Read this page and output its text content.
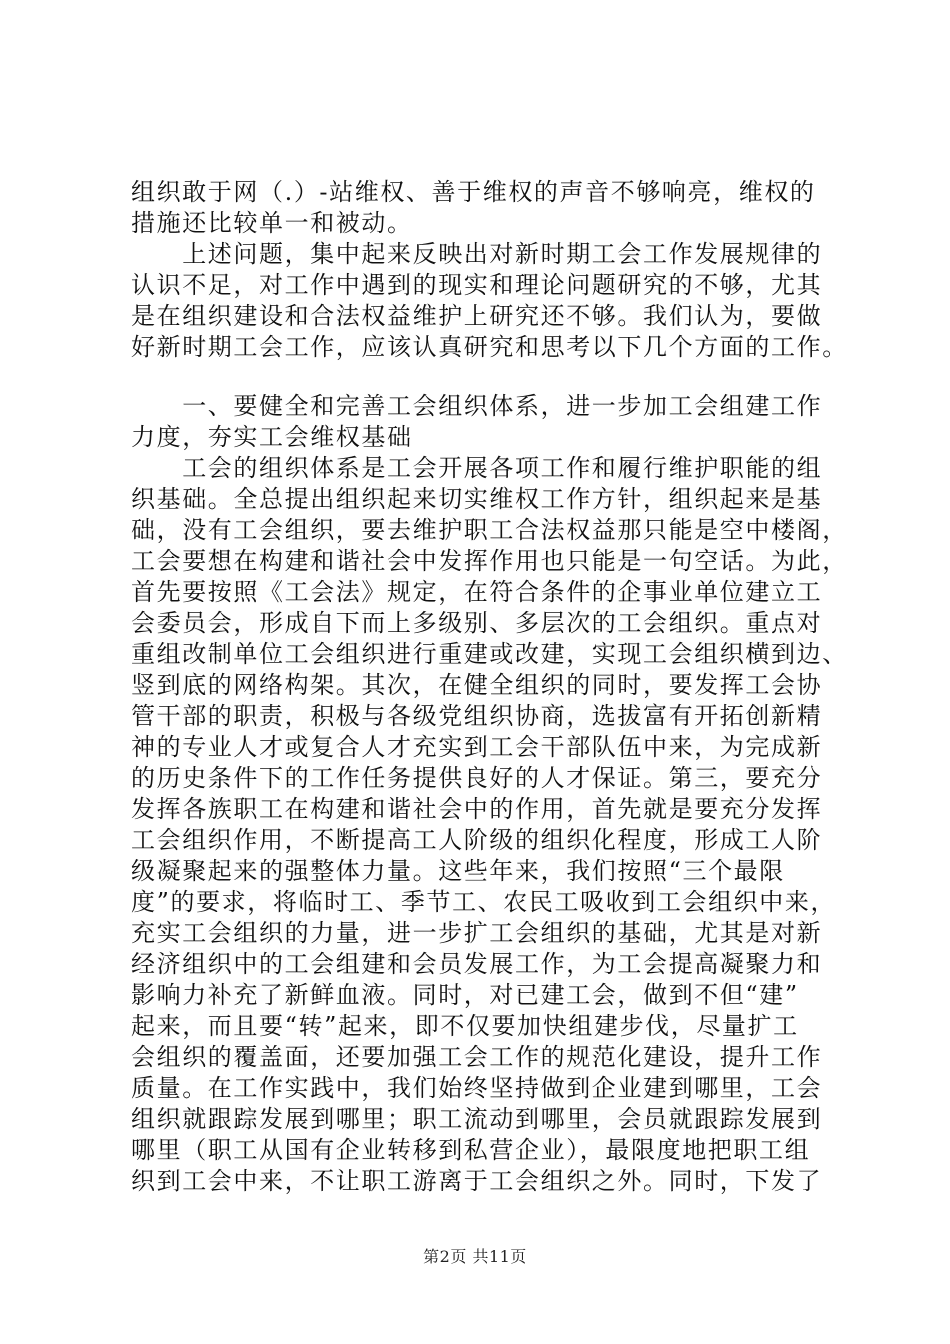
组织敢于网（.）-站维权、善于维权的声音不够响亮，维权的
措施还比较单一和被动。
　　上述问题，集中起来反映出对新时期工会工作发展规律的
认识不足，对工作中遇到的现实和理论问题研究的不够，尤其
是在组织建设和合法权益维护上研究还不够。我们认为，要做
好新时期工会工作，应该认真研究和思考以下几个方面的工作。
　　一、要健全和完善工会组织体系，进一步加工会组建工作
力度，夯实工会维权基础
　　工会的组织体系是工会开展各项工作和履行维护职能的组
织基础。全总提出组织起来切实维权工作方针，组织起来是基
础，没有工会组织，要去维护职工合法权益那只能是空中楼阁，
工会要想在构建和谐社会中发挥作用也只能是一句空话。为此，
首先要按照《工会法》规定，在符合条件的企事业单位建立工
会委员会，形成自下而上多级别、多层次的工会组织。重点对
重组改制单位工会组织进行重建或改建，实现工会组织横到边、
竖到底的网络构架。其次，在健全组织的同时，要发挥工会协
管干部的职责，积极与各级党组织协商，选拔富有开拓创新精
神的专业人才或复合人才充实到工会干部队伍中来，为完成新
的历史条件下的工作任务提供良好的人才保证。第三，要充分
发挥各族职工在构建和谐社会中的作用，首先就是要充分发挥
工会组织作用，不断提高工人阶级的组织化程度，形成工人阶
级凝聚起来的强整体力量。这些年来，我们按照“三个最限
度”的要求，将临时工、季节工、农民工吸收到工会组织中来，
充实工会组织的力量，进一步扩工会组织的基础，尤其是对新
经济组织中的工会组建和会员发展工作，为工会提高凝聚力和
影响力补充了新鲜血液。同时，对已建工会，做到不但“建”
起来，而且要“转”起来，即不仅要加快组建步伐，尽量扩工
会组织的覆盖面，还要加强工会工作的规范化建设，提升工作
质量。在工作实践中，我们始终坚持做到企业建到哪里，工会
组织就跟踪发展到哪里；职工流动到哪里，会员就跟踪发展到
哪里（职工从国有企业转移到私营企业），最限度地把职工组
织到工会中来，不让职工游离于工会组织之外。同时，下发了
第2页 共11页
